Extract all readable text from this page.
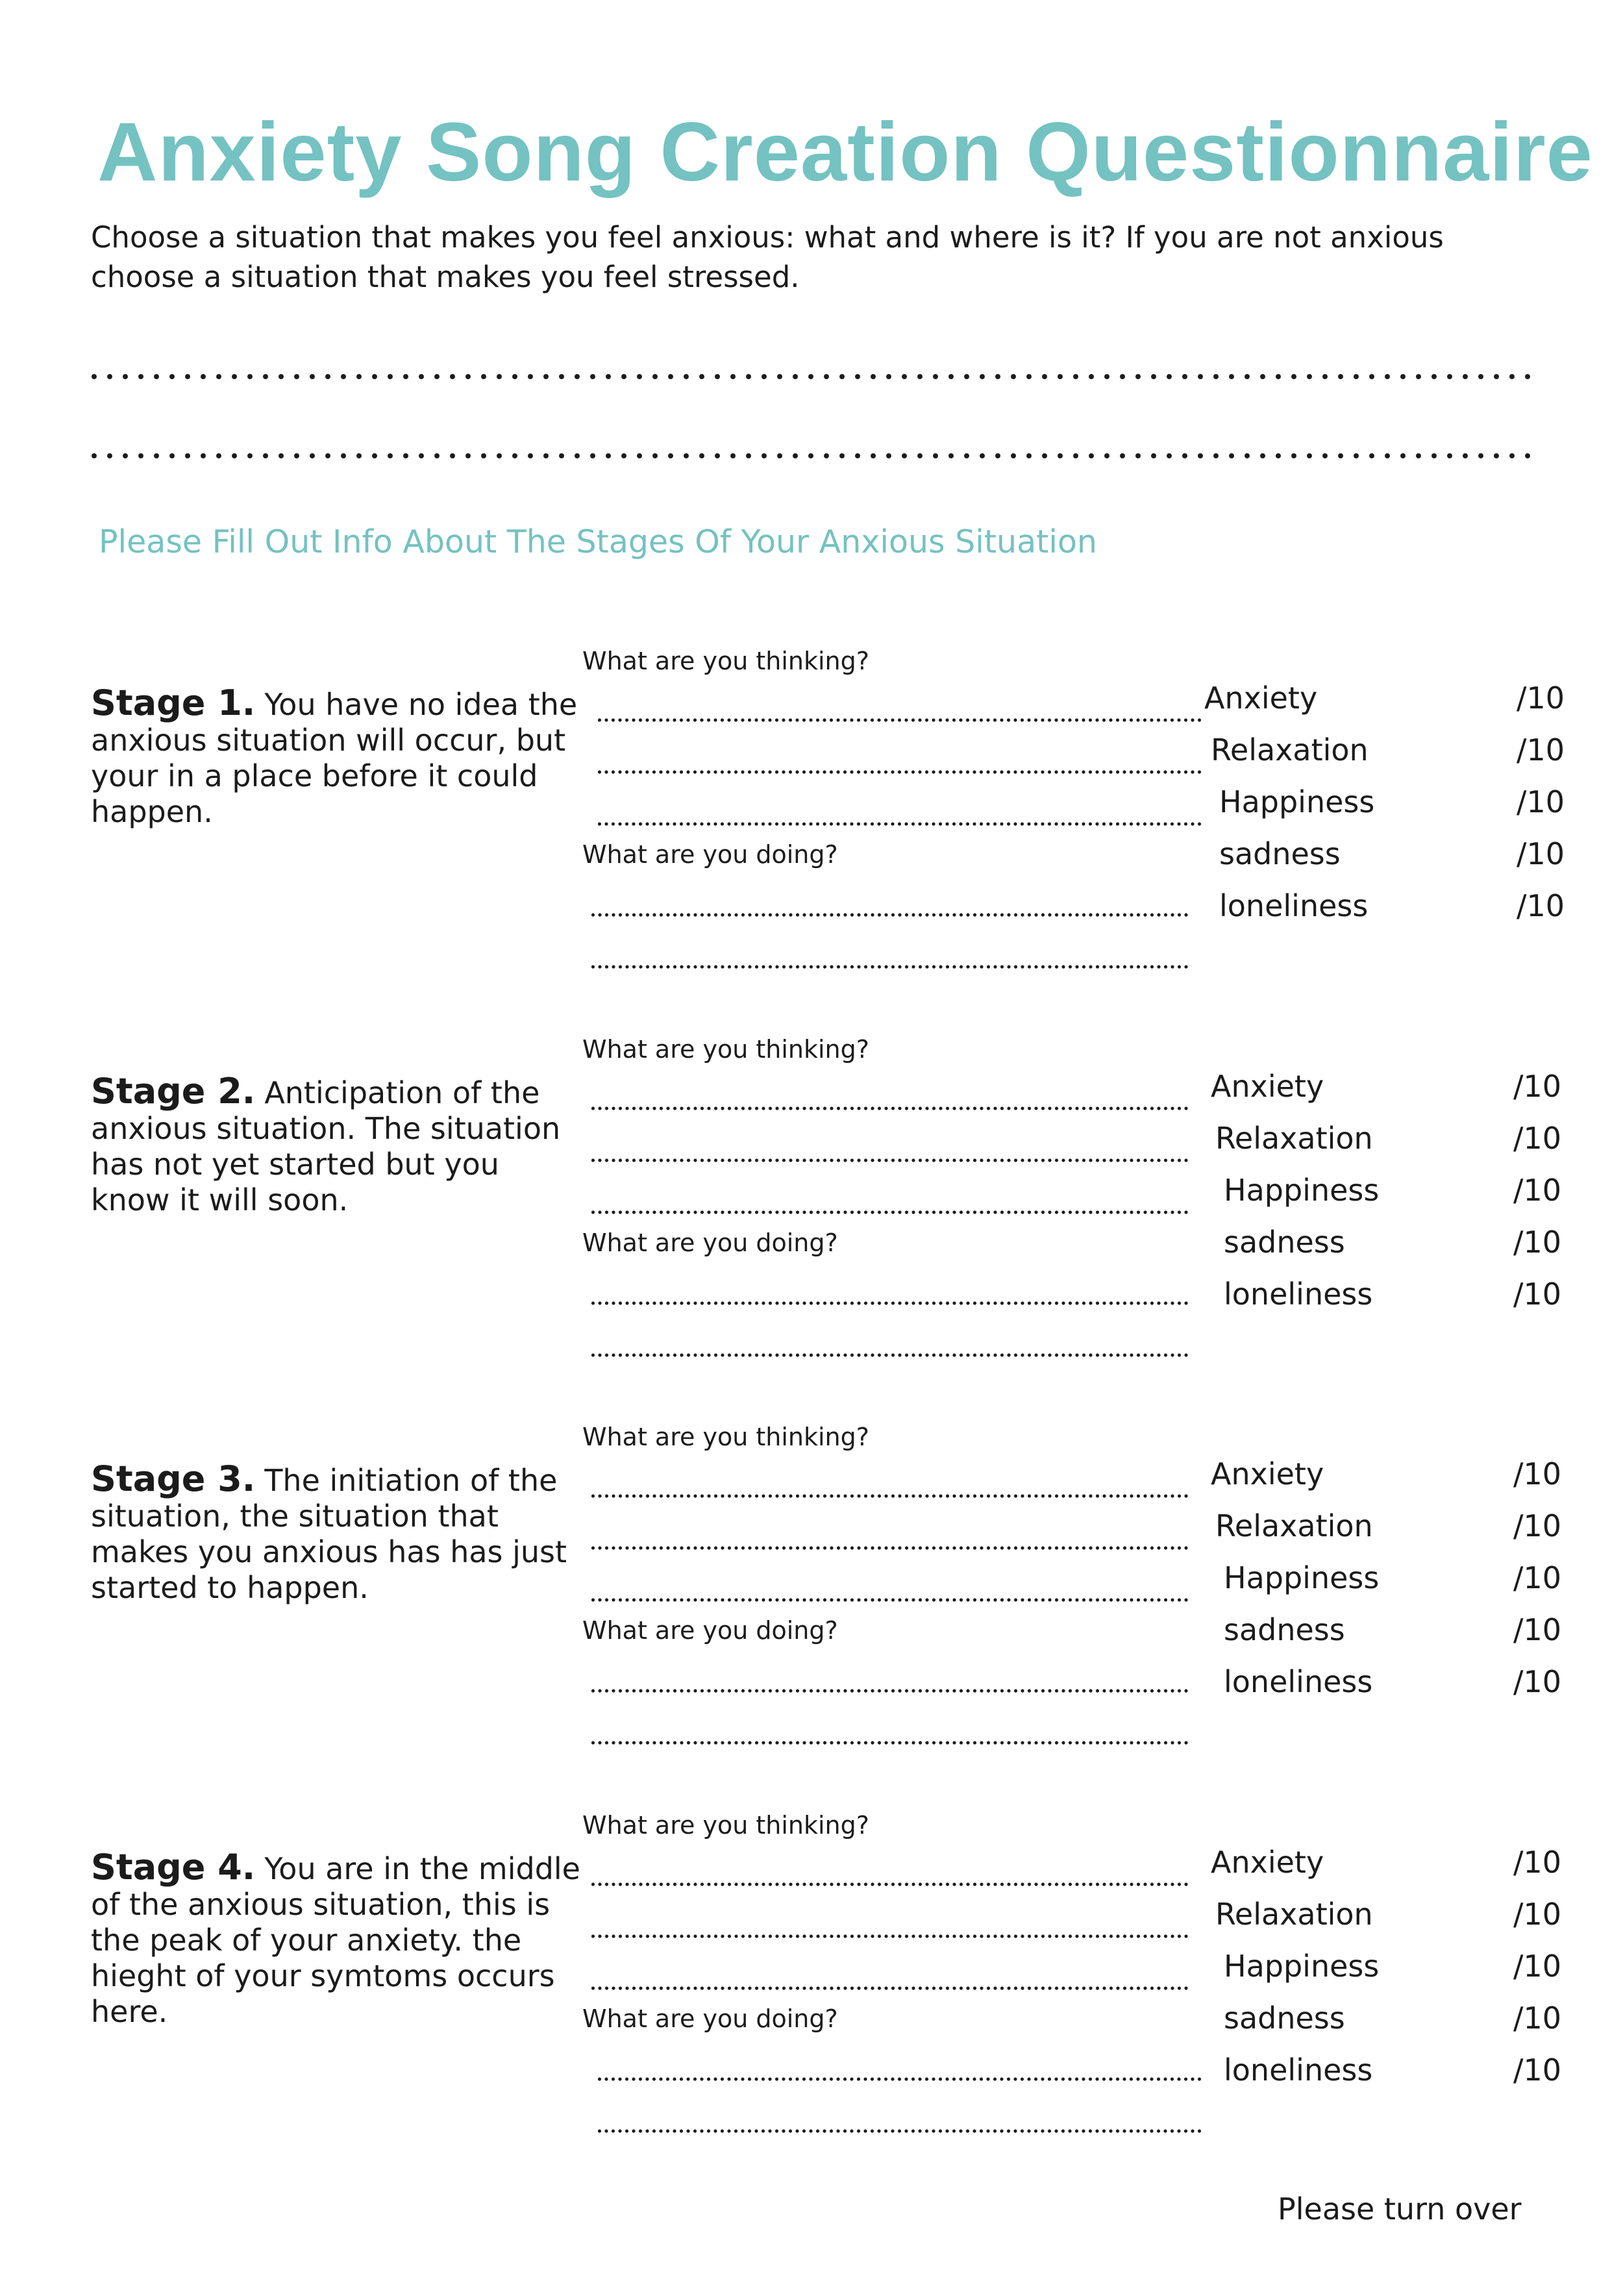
Anxiety Song Creation Questionnaire
Choose a situation that makes you feel anxious: what and where is it? If you are not anxious choose a situation that makes you feel stressed.
Please Fill Out Info About The Stages Of Your Anxious Situation
Stage 1. You have no idea the anxious situation will occur, but your in a place before it could happen.
What are you thinking?
What are you doing?
Anxiety
Relaxation
Happiness
sadness
loneliness
/10
/10
/10
/10
/10
Stage 2. Anticipation of the anxious situation. The situation has not yet started but you know it will soon.
What are you thinking?
What are you doing?
Anxiety
Relaxation
Happiness
sadness
loneliness
/10
/10
/10
/10
/10
Stage 3. The initiation of the situation, the situation that makes you anxious has has just started to happen.
What are you thinking?
What are you doing?
Anxiety
Relaxation
Happiness
sadness
loneliness
/10
/10
/10
/10
/10
Stage 4. You are in the middle of the anxious situation, this is the peak of your anxiety. the hieght of your symtoms occurs here.
What are you thinking?
What are you doing?
Anxiety
Relaxation
Happiness
sadness
loneliness
/10
/10
/10
/10
/10
Please turn over
